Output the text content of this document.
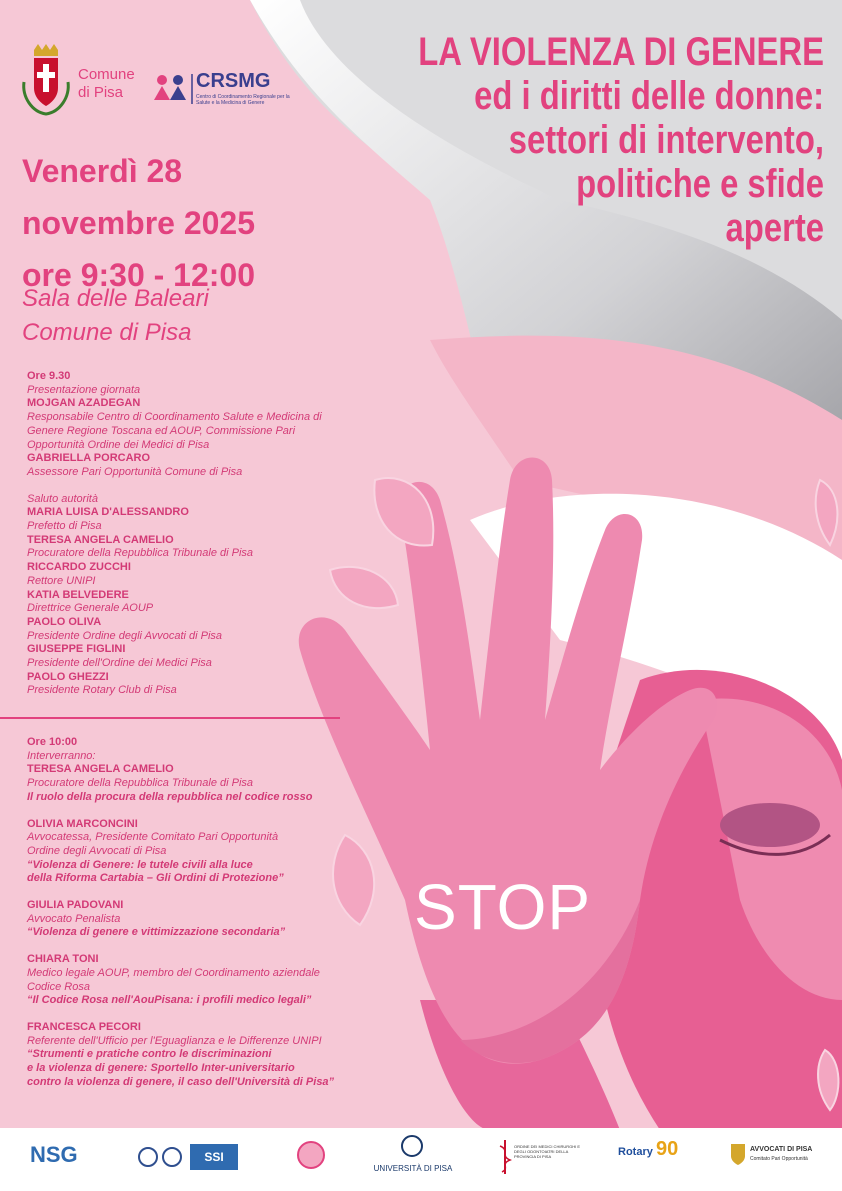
LA VIOLENZA DI GENERE
ed i diritti delle donne:
settori di intervento,
politiche e sfide
aperte
Comune
di Pisa
CRSMG
Centro di Coordinamento Regionale per la Salute e la Medicina di Genere
Venerdì 28
novembre 2025
ore 9:30 - 12:00
Sala delle Baleari
Comune di Pisa
Ore 9.30
Presentazione giornata
MOJGAN AZADEGAN
Responsabile Centro di Coordinamento Salute e Medicina di
Genere Regione Toscana ed AOUP, Commissione Pari
Opportunità Ordine dei Medici di Pisa
GABRIELLA PORCARO
Assessore Pari Opportunità Comune di Pisa
Saluto autorità
MARIA LUISA D'ALESSANDRO
Prefetto di Pisa
TERESA ANGELA CAMELIO
Procuratore della Repubblica Tribunale di Pisa
RICCARDO ZUCCHI
Rettore UNIPI
KATIA BELVEDERE
Direttrice Generale AOUP
PAOLO OLIVA
Presidente Ordine degli Avvocati di Pisa
GIUSEPPE FIGLINI
Presidente dell'Ordine dei Medici Pisa
PAOLO GHEZZI
Presidente Rotary Club di Pisa
Ore 10:00
Interverranno:
TERESA ANGELA CAMELIO
Procuratore della Repubblica Tribunale di Pisa
Il ruolo della procura della repubblica nel codice rosso
OLIVIA MARCONCINI
Avvocatessa, Presidente Comitato Pari Opportunità
Ordine degli Avvocati di Pisa
“Violenza di Genere: le tutele civili alla luce
della Riforma Cartabia – Gli Ordini di Protezione”
GIULIA PADOVANI
Avvocato Penalista
“Violenza di genere e vittimizzazione secondaria”
CHIARA TONI
Medico legale AOUP, membro del Coordinamento aziendale
Codice Rosa
“Il Codice Rosa nell'AouPisana: i profili medico legali”
FRANCESCA PECORI
Referente dell'Ufficio per l'Eguaglianza e le Differenze UNIPI
“Strumenti e pratiche contro le discriminazioni
e la violenza di genere: Sportello Inter-universitario
contro la violenza di genere, il caso dell'Università di Pisa”
STOP
NSG	SSI
UNIVERSITÀ DI PISA
ORDINE DEI MEDICI CHIRURGHI E DEGLI ODONTOIATRI DELLA PROVINCIA DI PISA	Rotary 90	AVVOCATI DI PISA
Comitato Pari Opportunità
